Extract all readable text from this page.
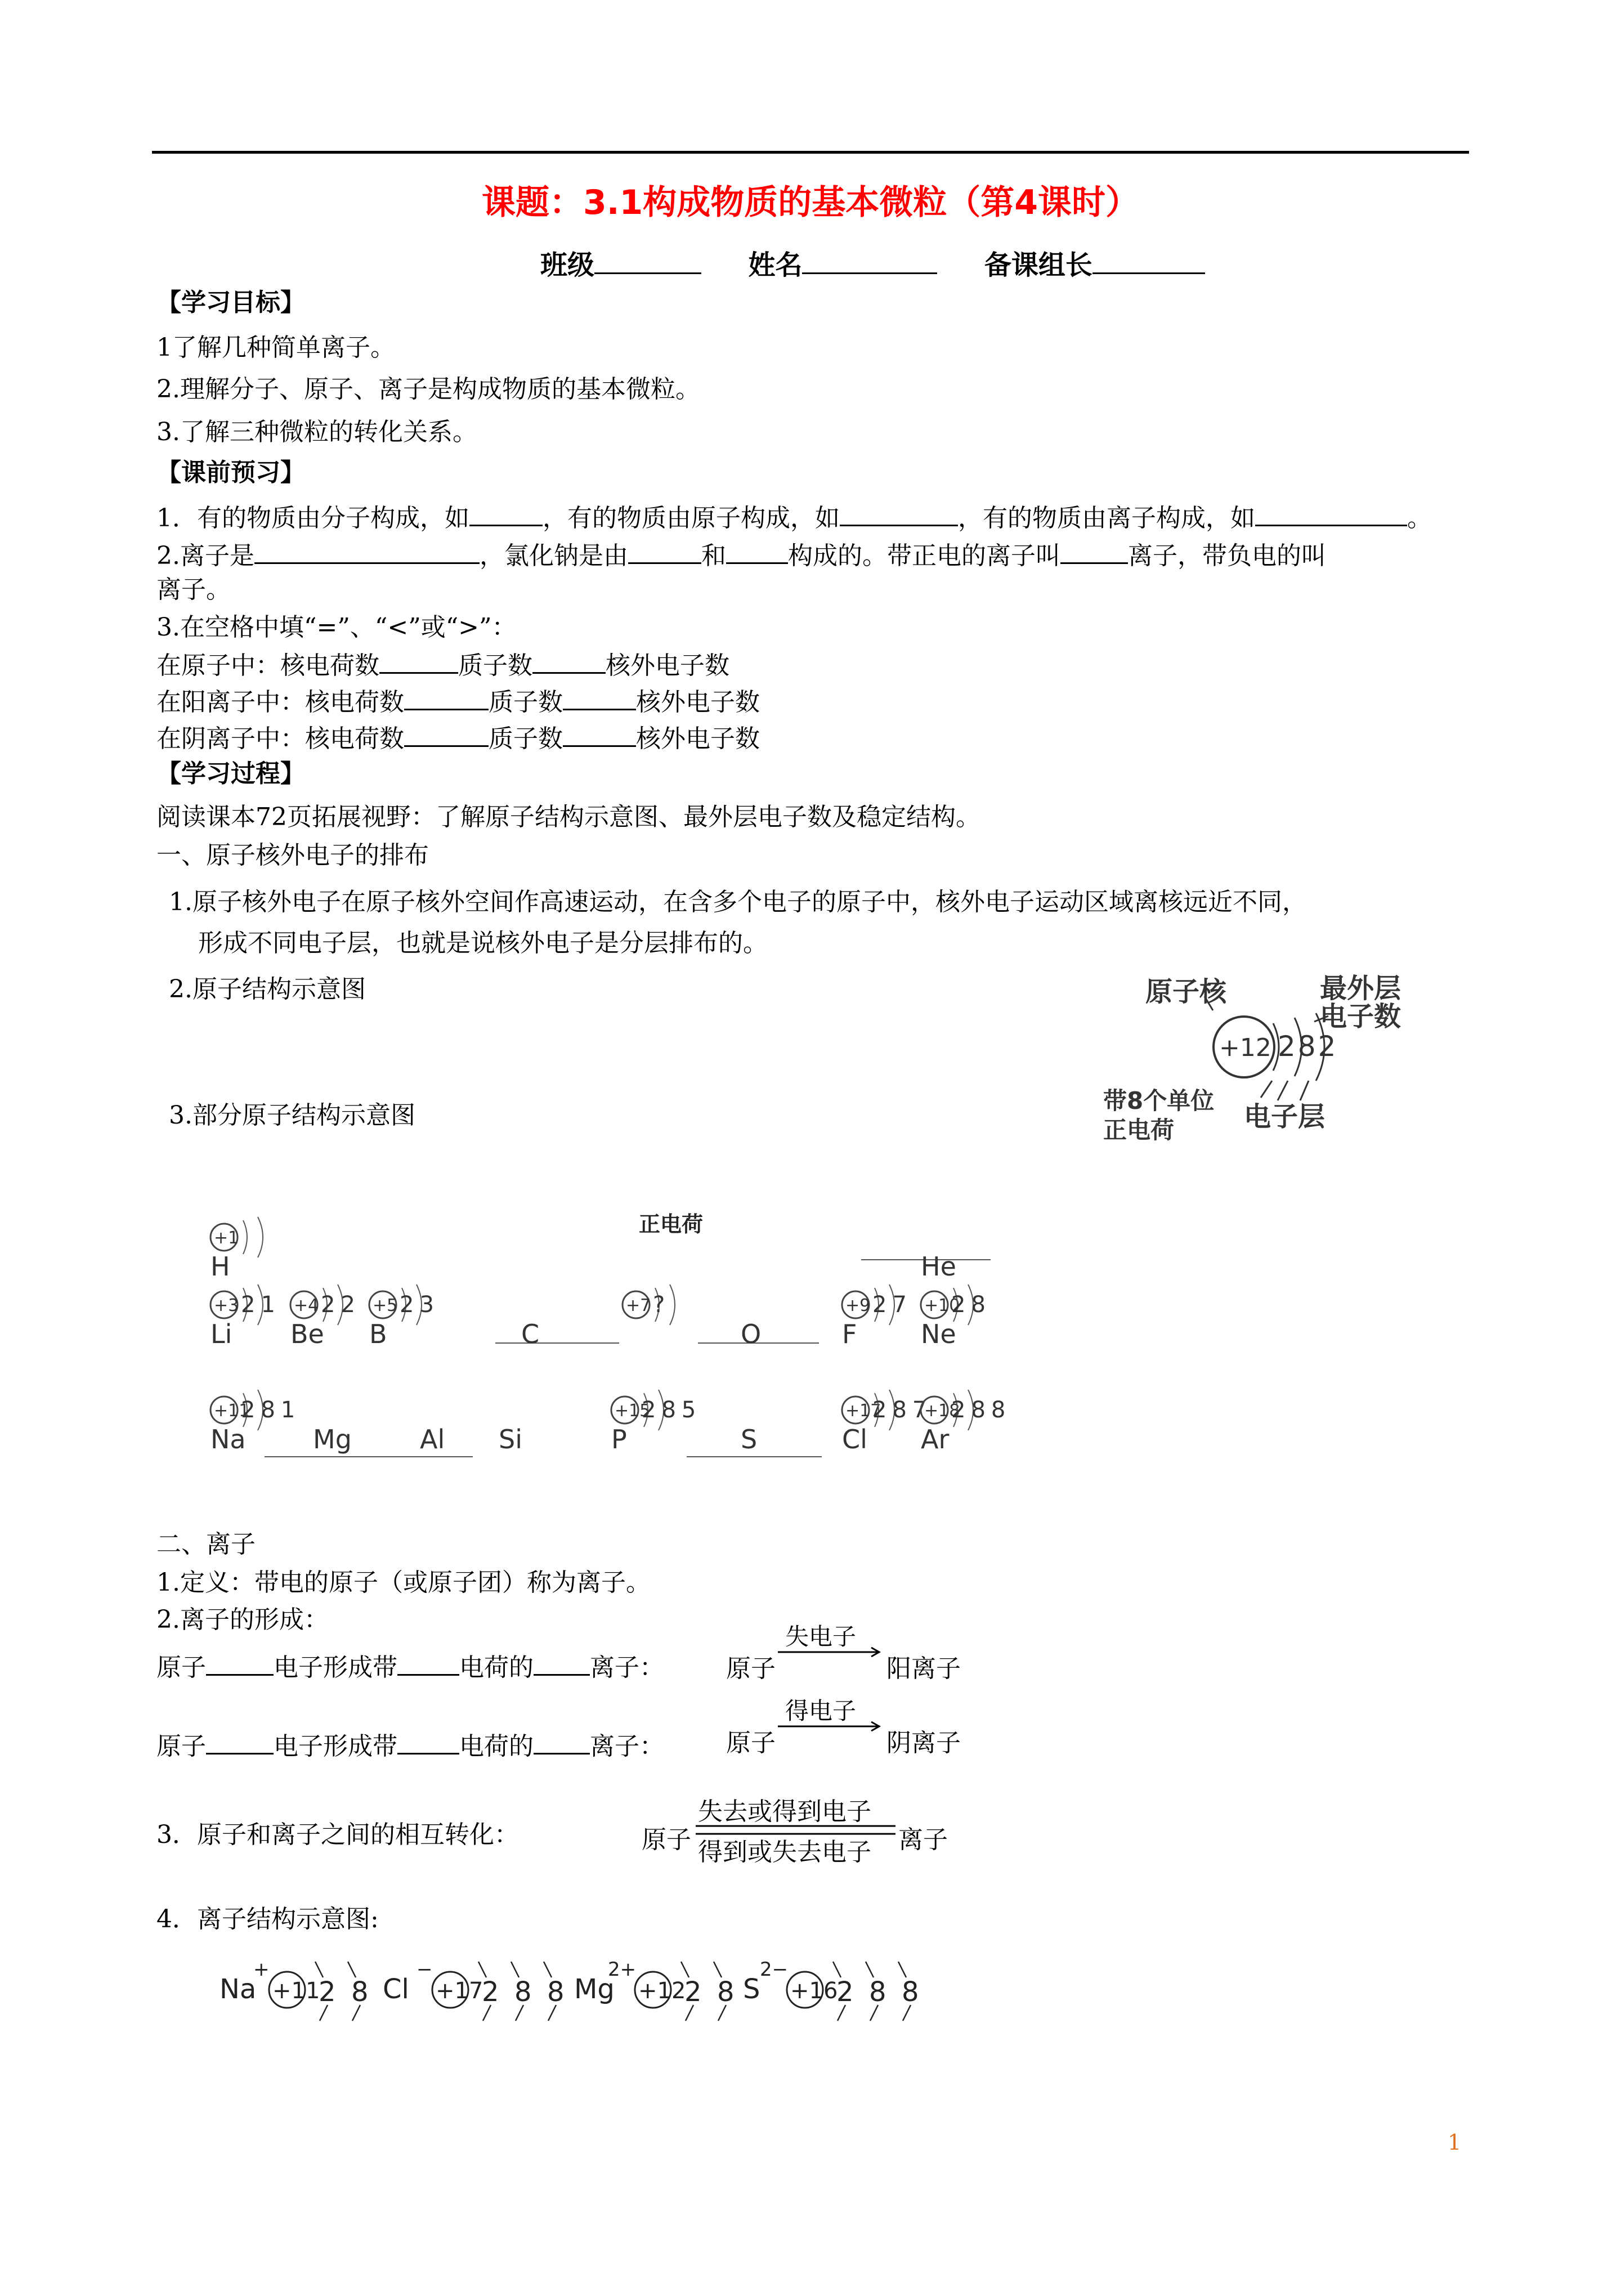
课题：3.1构成物质的基本微粒（第4课时）
班级	姓名	备课组长
【学习目标】
1了解几种简单离子。
2.理解分子、原子、离子是构成物质的基本微粒。
3.了解三种微粒的转化关系。
【课前预习】
1．有的物质由分子构成，如	，有的物质由原子构成，如	，有的物质由离子构成，如	。
2.离子是	，氯化钠是由	和	构成的。带正电的离子叫	离子，带负电的叫
离子。
3.在空格中填“=”、“<”或“>”：
在原子中：核电荷数	质子数	核外电子数
在阳离子中：核电荷数	质子数	核外电子数
在阴离子中：核电荷数	质子数	核外电子数
【学习过程】
阅读课本72页拓展视野：了解原子结构示意图、最外层电子数及稳定结构。
一、原子核外电子的排布
1.原子核外电子在原子核外空间作高速运动，在含多个电子的原子中，核外电子运动区域离核远近不同，
形成不同电子层，也就是说核外电子是分层排布的。
2.原子结构示意图
3.部分原子结构示意图
原子核	最外层
电子数
+12 282
带8个单位
正电荷	电子层
正电荷
+1
H	He
+3 21
Li
+4 22
Be
+5 23
B	C
+7 ?
O
+9 27
F
+10
28
Ne
+11
281
Na	Mg	Al Si
+15
285
P	S
+17
287
Cl
+18
288
Ar
二、离子
1.定义：带电的原子（或原子团）称为离子。
2.离子的形成：
原子	电子形成带	电荷的 离子：	原子
失电子
阳离子
原子	电子形成带	电荷的 离子：	原子
得电子
阴离子
3．原子和离子之间的相互转化：	原子
失去或得到电子
得到或失去电子 离子
4．离子结构示意图:
Na
+
+11
2 8 Cl
−
+17
2 8 8 Mg
2+
+12
2 8 S
2−
+16
2 8 8
1
